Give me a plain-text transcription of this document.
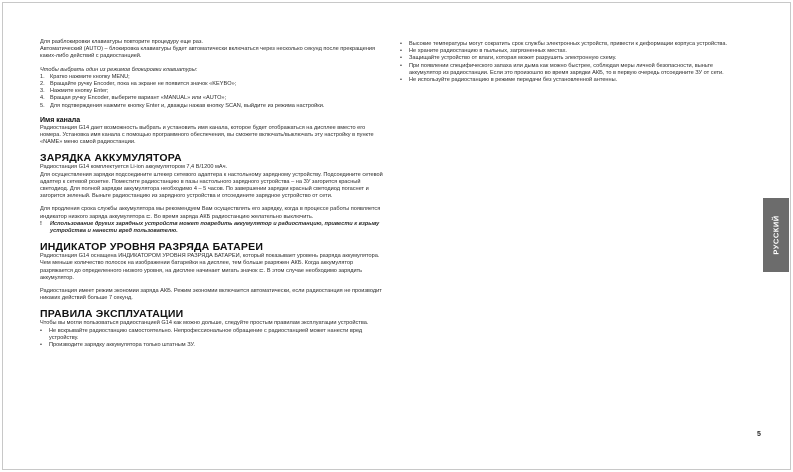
Для разблокировки клавиатуры повторите процедуру еще раз.

Автоматический (AUTO) – блокировка клавиатуры будет автоматически включаться через несколько секунд после прекращения каких-либо действий с радиостанцией.

Чтобы выбрать один из режимов блокировки клавиатуры:

1. Кратко нажмите кнопку MENU;
2. Вращайте ручку Encoder, пока на экране не появится значок «KEYBO»;
3. Нажмите кнопку Enter;
4. Вращая ручку Encoder, выберите вариант «MANUAL» или «AUTO»;
5. Для подтверждения нажмите кнопку Enter и, дважды нажав кнопку SCAN, выйдите из режима настройки.
Имя канала

Радиостанция G14 дает возможность выбрать и установить имя канала, которое будет отображаться на дисплее вместо его номера. Установка имя канала с помощью программного обеспечения, вы сможете включать/выключать эту настройку в пункте «NAME» меню самой радиостанции.

ЗАРЯДКА АККУМУЛЯТОРА

Радиостанция G14 комплектуется Li-ion аккумулятором 7,4 В/1200 мАч.

Для осуществления зарядки подсоедините штекер сетевого адаптера к настольному зарядному устройству. Подсоедините сетевой адаптер к сетевой розетке. Поместите радиостанцию в пазы настольного зарядного устройства – на ЗУ загорится красный светодиод. Для полной зарядки аккумулятора необходимо 4 – 5 часов. По завершении зарядки красный светодиод погаснет и загорится зеленый. Выньте радиостанцию из зарядного устройства и отсоедините зарядное устройство от сети.

Для продления срока службы аккумулятора мы рекомендуем Вам осуществлять его зарядку, когда в процессе работы появляется индикатор низкого заряда аккумулятора ⊏. Во время заряда АКБ радиостанцию желательно выключить.

!	Использование других зарядных устройств может повредить аккумулятор и радиостанцию, привести к взрыву устройства и нанести вред пользователю.
ИНДИКАТОР УРОВНЯ РАЗРЯДА БАТАРЕИ

Радиостанция G14 оснащена ИНДИКАТОРОМ УРОВНЯ РАЗРЯДА БАТАРЕИ, который показывает уровень разряда аккумулятора. Чем меньше количество полосок на изображении батарейки на дисплее, тем больше разряжен АКБ. Когда аккумулятор разряжается до определенного низкого уровня, на дисплее начинает мигать значок ⊏. В этом случае необходимо зарядить аккумулятор.

Радиостанция имеет режим экономии заряда АКБ. Режим экономии включается автоматически, если радиостанция не производит никаких действий больше 7 секунд.

ПРАВИЛА ЭКСПЛУАТАЦИИ

Чтобы вы могли пользоваться радиостанцией G14 как можно дольше, следуйте простым правилам эксплуатации устройства.

•	Не вскрывайте радиостанцию самостоятельно. Непрофессиональное обращение с радиостанцией может нанести вред устройству.
•	Производите зарядку аккумулятора только штатным ЗУ.
•	Высокие температуры могут сократить срок службы электронных устройств, привести к деформации корпуса устройства.
•	Не храните радиостанцию в пыльных, загрязненных местах.
•	Защищайте устройство от влаги, которая может разрушить электронную схему.
•	При появлении специфического запаха или дыма как можно быстрее, соблюдая меры личной безопасности, выньте аккумулятор из радиостанции. Если это произошло во время зарядки АКБ, то в первую очередь отсоедините ЗУ от сети.
•	Не используйте радиостанцию в режиме передачи без установленной антенны.
РУССКИЙ
5
